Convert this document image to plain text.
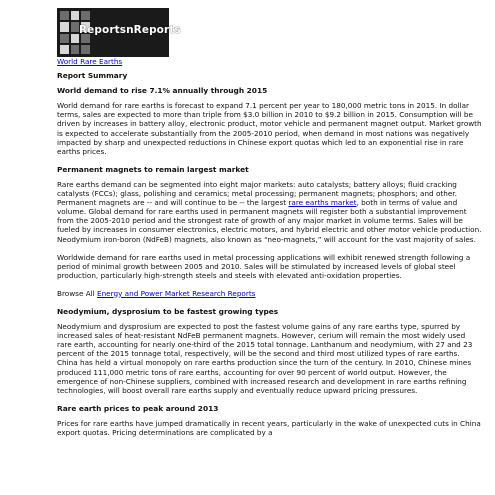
ReportsnReports

World Rare Earths

Report Summary

World demand to rise 7.1% annually through 2015

World demand for rare earths is forecast to expand 7.1 percent per year to 180,000 metric tons in 2015. In dollar terms, sales are expected to more than triple from $3.0 billion in 2010 to $9.2 billion in 2015. Consumption will be driven by increases in battery alloy, electronic product, motor vehicle and permanent magnet output. Market growth is expected to accelerate substantially from the 2005-2010 period, when demand in most nations was negatively impacted by sharp and unexpected reductions in Chinese export quotas which led to an exponential rise in rare earths prices.

Permanent magnets to remain largest market

Rare earths demand can be segmented into eight major markets: auto catalysts; battery alloys; fluid cracking catalysts (FCCs); glass, polishing and ceramics; metal processing; permanent magnets; phosphors; and other. Permanent magnets are -- and will continue to be -- the largest rare earths market, both in terms of value and volume. Global demand for rare earths used in permanent magnets will register both a substantial improvement from the 2005-2010 period and the strongest rate of growth of any major market in volume terms. Sales will be fueled by increases in consumer electronics, electric motors, and hybrid electric and other motor vehicle production. Neodymium iron-boron (NdFeB) magnets, also known as “neo-magnets,” will account for the vast majority of sales.

Worldwide demand for rare earths used in metal processing applications will exhibit renewed strength following a period of minimal growth between 2005 and 2010. Sales will be stimulated by increased levels of global steel production, particularly high-strength steels and steels with elevated anti-oxidation properties.

Browse All Energy and Power Market Research Reports

Neodymium, dysprosium to be fastest growing types

Neodymium and dysprosium are expected to post the fastest volume gains of any rare earths type, spurred by increased sales of heat-resistant NdFeB permanent magnets. However, cerium will remain the most widely used rare earth, accounting for nearly one-third of the 2015 total tonnage. Lanthanum and neodymium, with 27 and 23 percent of the 2015 tonnage total, respectively, will be the second and third most utilized types of rare earths. China has held a virtual monopoly on rare earths production since the turn of the century. In 2010, Chinese mines produced 111,000 metric tons of rare earths, accounting for over 90 percent of world output. However, the emergence of non-Chinese suppliers, combined with increased research and development in rare earths refining technologies, will boost overall rare earths supply and eventually reduce upward pricing pressures.

Rare earth prices to peak around 2013

Prices for rare earths have jumped dramatically in recent years, particularly in the wake of unexpected cuts in China export quotas. Pricing determinations are complicated by a
